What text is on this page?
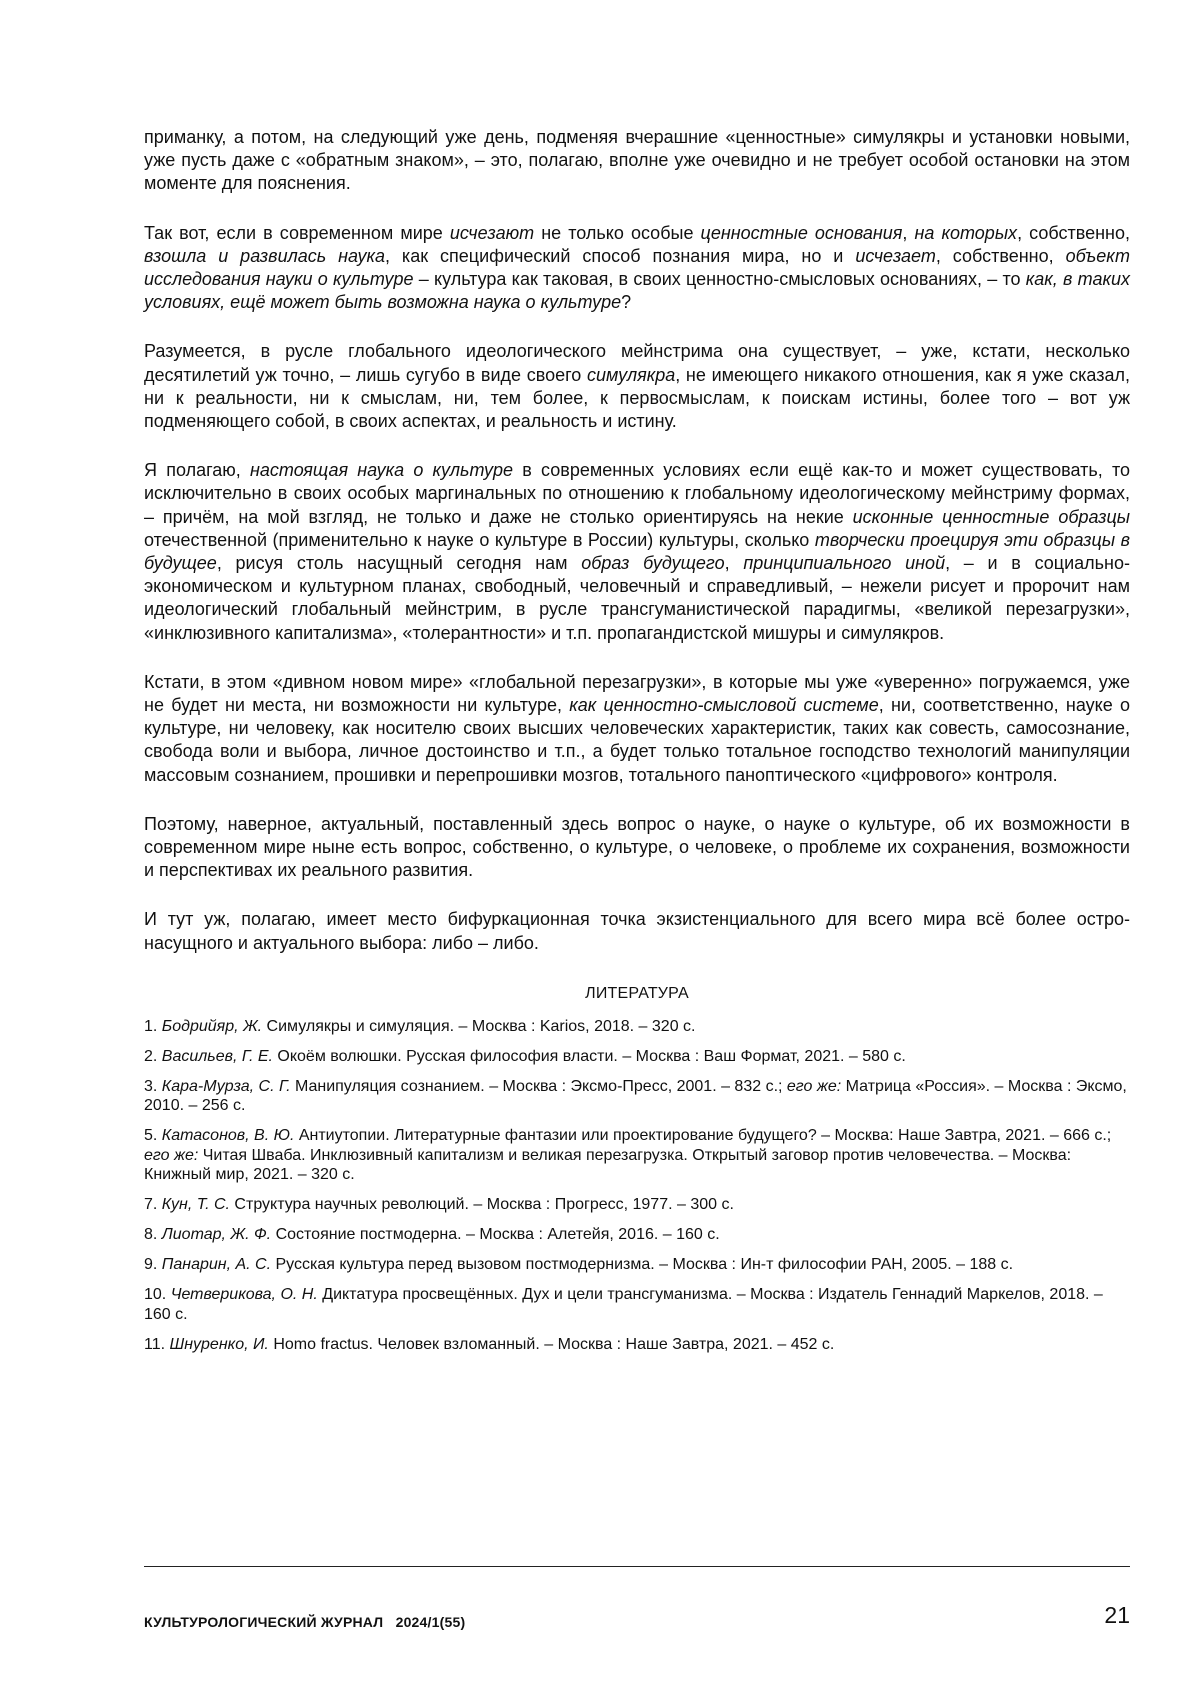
приманку, а потом, на следующий уже день, подменяя вчерашние «ценностные» симулякры и установки новыми, уже пусть даже с «обратным знаком», – это, полагаю, вполне уже очевидно и не требует особой остановки на этом моменте для пояснения.

Так вот, если в современном мире исчезают не только особые ценностные основания, на которых, собственно, взошла и развилась наука, как специфический способ познания мира, но и исчезает, собственно, объект исследования науки о культуре – культура как таковая, в своих ценностно-смысловых основаниях, – то как, в таких условиях, ещё может быть возможна наука о культуре?

Разумеется, в русле глобального идеологического мейнстрима она существует, – уже, кстати, несколько десятилетий уж точно, – лишь сугубо в виде своего симулякра, не имеющего никакого отношения, как я уже сказал, ни к реальности, ни к смыслам, ни, тем более, к первосмыслам, к поискам истины, более того – вот уж подменяющего собой, в своих аспектах, и реальность и истину.

Я полагаю, настоящая наука о культуре в современных условиях если ещё как-то и может существовать, то исключительно в своих особых маргинальных по отношению к глобальному идеологическому мейнстриму формах, – причём, на мой взгляд, не только и даже не столько ориентируясь на некие исконные ценностные образцы отечественной (применительно к науке о культуре в России) культуры, сколько творчески проецируя эти образцы в будущее, рисуя столь насущный сегодня нам образ будущего, принципиального иной, – и в социально-экономическом и культурном планах, свободный, человечный и справедливый, – нежели рисует и пророчит нам идеологический глобальный мейнстрим, в русле трансгуманистической парадигмы, «великой перезагрузки», «инклюзивного капитализма», «толерантности» и т.п. пропагандистской мишуры и симулякров.

Кстати, в этом «дивном новом мире» «глобальной перезагрузки», в которые мы уже «уверенно» погружаемся, уже не будет ни места, ни возможности ни культуре, как ценностно-смысловой системе, ни, соответственно, науке о культуре, ни человеку, как носителю своих высших человеческих характеристик, таких как совесть, самосознание, свобода воли и выбора, личное достоинство и т.п., а будет только тотальное господство технологий манипуляции массовым сознанием, прошивки и перепрошивки мозгов, тотального паноптического «цифрового» контроля.

Поэтому, наверное, актуальный, поставленный здесь вопрос о науке, о науке о культуре, об их возможности в современном мире ныне есть вопрос, собственно, о культуре, о человеке, о проблеме их сохранения, возможности и перспективах их реального развития.

И тут уж, полагаю, имеет место бифуркационная точка экзистенциального для всего мира всё более остро-насущного и актуального выбора: либо – либо.

ЛИТЕРАТУРА

1. Бодрийяр, Ж. Симулякры и симуляция. – Москва : Karios, 2018. – 320 с.

2. Васильев, Г. Е. Окоём волюшки. Русская философия власти. – Москва : Ваш Формат, 2021. – 580 с.

3. Кара-Мурза, С. Г. Манипуляция сознанием. – Москва : Эксмо-Пресс, 2001. – 832 с.; его же: Матрица «Россия». – Москва : Эксмо, 2010. – 256 с.

5. Катасонов, В. Ю. Антиутопии. Литературные фантазии или проектирование будущего? – Москва: Наше Завтра, 2021. – 666 с.; его же: Читая Шваба. Инклюзивный капитализм и великая перезагрузка. Открытый заговор против человечества. – Москва: Книжный мир, 2021. – 320 с.

7. Кун, Т. С. Структура научных революций. – Москва : Прогресс, 1977. – 300 с.

8. Лиотар, Ж. Ф. Состояние постмодерна. – Москва : Алетейя, 2016. – 160 с.

9. Панарин, А. С. Русская культура перед вызовом постмодернизма. – Москва : Ин-т философии РАН, 2005. – 188 с.

10. Четверикова, О. Н. Диктатура просвещённых. Дух и цели трансгуманизма. – Москва : Издатель Геннадий Маркелов, 2018. – 160 с.

11. Шнуренко, И. Homo fractus. Человек взломанный. – Москва : Наше Завтра, 2021. – 452 с.

КУЛЬТУРОЛОГИЧЕСКИЙ ЖУРНАЛ   2024/1(55)	21
